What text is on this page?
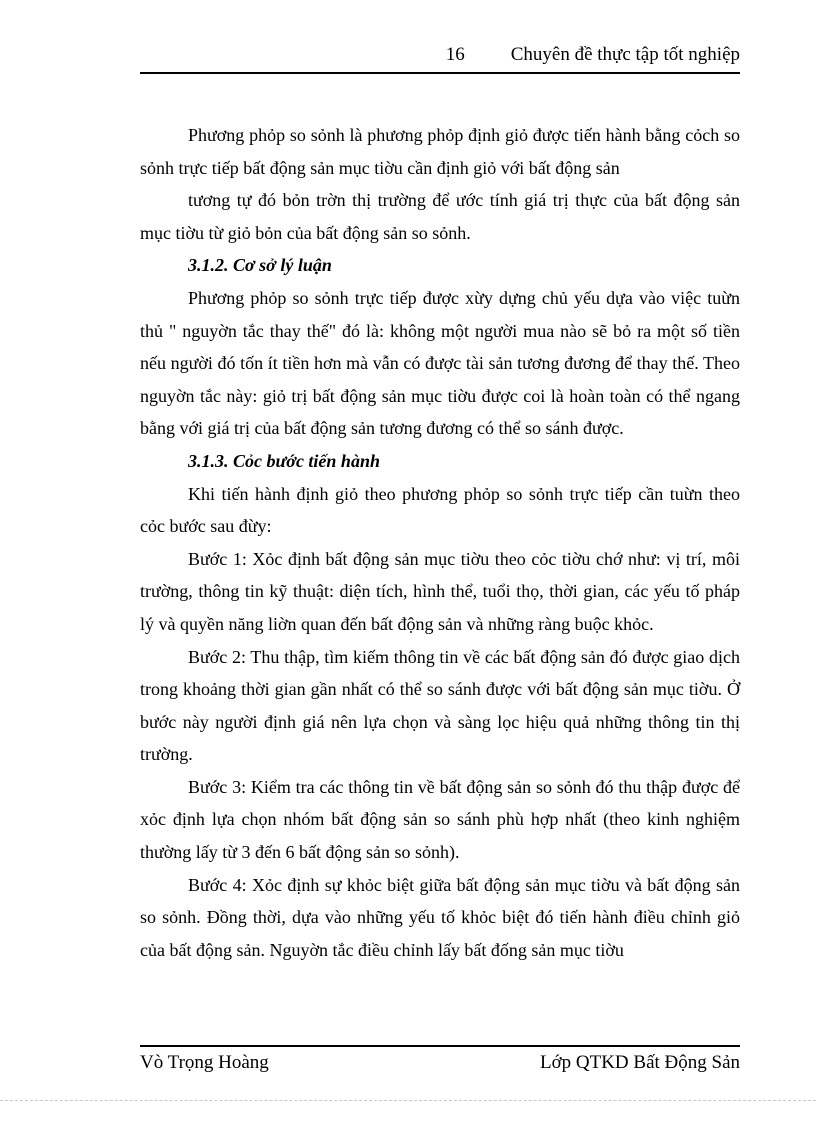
16 Chuyên đề thực tập tốt nghiệp

Phương phỏp so sỏnh là phương phỏp định giỏ được tiến hành bằng cỏch so sỏnh trực tiếp bất động sản mục tiờu cần định giỏ với bất động sản

tương tự đó bỏn trờn thị trường để ước tính giá trị thực của bất động sản mục tiờu từ giỏ bỏn của bất động sản so sỏnh.

3.1.2. Cơ sở lý luận

Phương phỏp so sỏnh trực tiếp được xừy dựng chủ yếu dựa vào việc tuừn thủ " nguyờn tắc thay thế" đó là: không một người mua nào sẽ bỏ ra một số tiền nếu người đó tốn ít tiền hơn mà vẫn có được tài sản tương đương để thay thế. Theo nguyờn tắc này: giỏ trị bất động sản mục tiờu được coi là hoàn toàn có thể ngang bằng với giá trị của bất động sản tương đương có thể so sánh được.

3.1.3. Cỏc bước tiến hành

Khi tiến hành định giỏ theo phương phỏp so sỏnh trực tiếp cần tuừn theo cỏc bước sau đừy:

Bước 1: Xỏc định bất động sản mục tiờu theo cỏc tiờu chớ như: vị trí, môi trường, thông tin kỹ thuật: diện tích, hình thể, tuổi thọ, thời gian, các yếu tố pháp lý và quyền năng liờn quan đến bất động sản và những ràng buộc khỏc.

Bước 2: Thu thập, tìm kiếm thông tin về các bất động sản đó được giao dịch trong khoảng thời gian gần nhất có thể so sánh được với bất động sản mục tiờu. Ở bước này người định giá nên lựa chọn và sàng lọc hiệu quả những thông tin thị trường.

Bước 3: Kiểm tra các thông tin về bất động sản so sỏnh đó thu thập được để xỏc định lựa chọn nhóm bất động sản so sánh phù hợp nhất (theo kinh nghiệm thường lấy từ 3 đến 6 bất động sản so sỏnh).

Bước 4: Xỏc định sự khỏc biệt giữa bất động sản mục tiờu và bất động sản so sỏnh. Đồng thời, dựa vào những yếu tố khỏc biệt đó tiến hành điều chỉnh giỏ của bất động sản. Nguyờn tắc điều chỉnh lấy bất đống sản mục tiờu

Vò Trọng Hoàng	Lớp QTKD Bất Động Sản
